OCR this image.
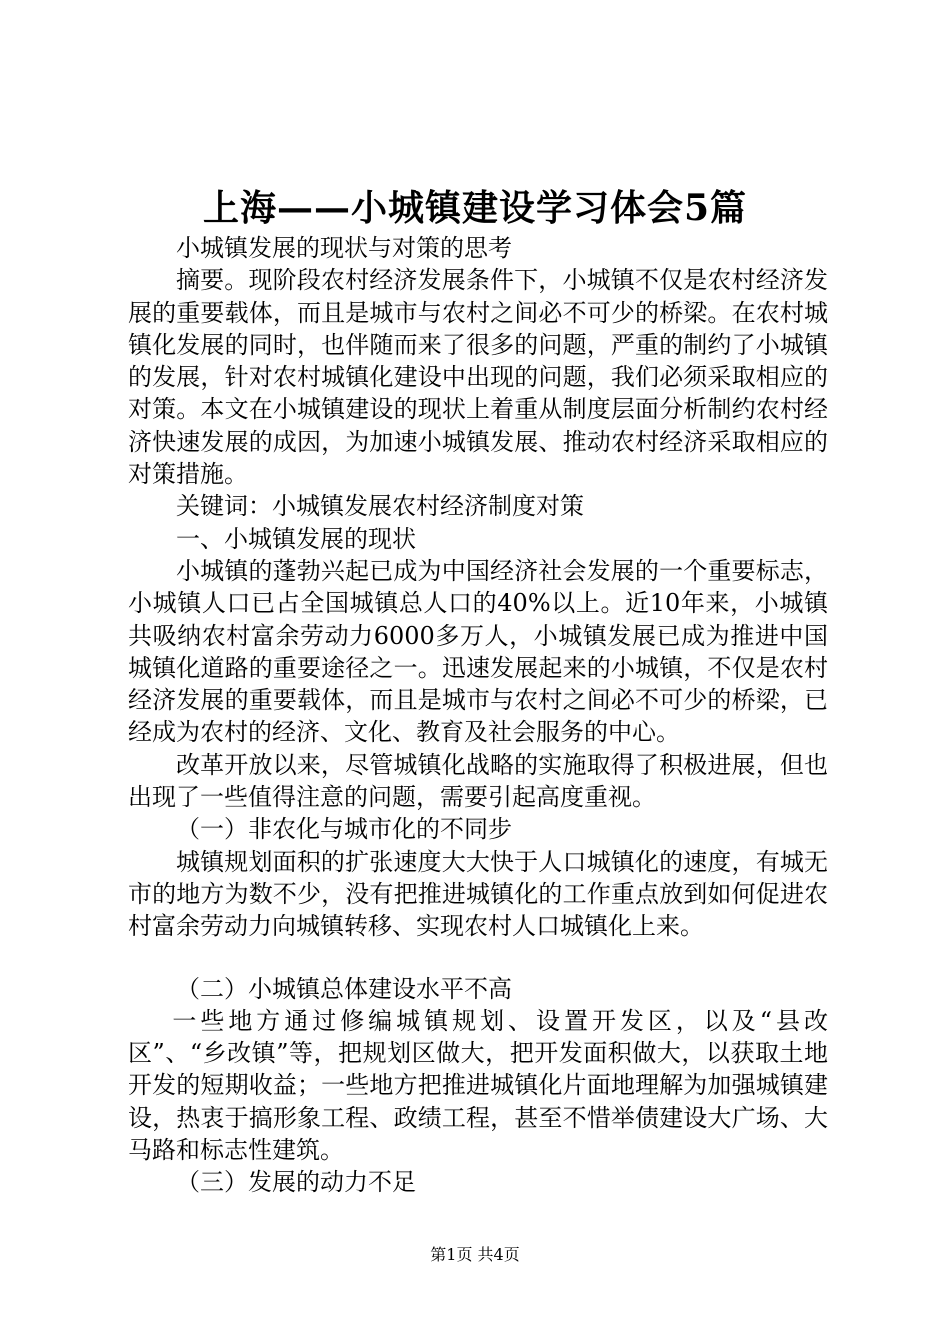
上海——小城镇建设学习体会5篇

小城镇发展的现状与对策的思考

摘要。现阶段农村经济发展条件下，小城镇不仅是农村经济发展的重要载体，而且是城市与农村之间必不可少的桥梁。在农村城镇化发展的同时，也伴随而来了很多的问题，严重的制约了小城镇的发展，针对农村城镇化建设中出现的问题，我们必须采取相应的对策。本文在小城镇建设的现状上着重从制度层面分析制约农村经济快速发展的成因，为加速小城镇发展、推动农村经济采取相应的对策措施。

关键词：小城镇发展农村经济制度对策

一、小城镇发展的现状

小城镇的蓬勃兴起已成为中国经济社会发展的一个重要标志，小城镇人口已占全国城镇总人口的40%以上。近10年来，小城镇共吸纳农村富余劳动力6000多万人，小城镇发展已成为推进中国城镇化道路的重要途径之一。迅速发展起来的小城镇，不仅是农村经济发展的重要载体，而且是城市与农村之间必不可少的桥梁，已经成为农村的经济、文化、教育及社会服务的中心。

改革开放以来，尽管城镇化战略的实施取得了积极进展，但也出现了一些值得注意的问题，需要引起高度重视。

（一）非农化与城市化的不同步

城镇规划面积的扩张速度大大快于人口城镇化的速度，有城无市的地方为数不少，没有把推进城镇化的工作重点放到如何促进农村富余劳动力向城镇转移、实现农村人口城镇化上来。

（二）小城镇总体建设水平不高

一些地方通过修编城镇规划、设置开发区，以及“县改区”、“乡改镇”等，把规划区做大，把开发面积做大，以获取土地开发的短期收益；一些地方把推进城镇化片面地理解为加强城镇建设，热衷于搞形象工程、政绩工程，甚至不惜举债建设大广场、大马路和标志性建筑。

（三）发展的动力不足

第1页 共4页
